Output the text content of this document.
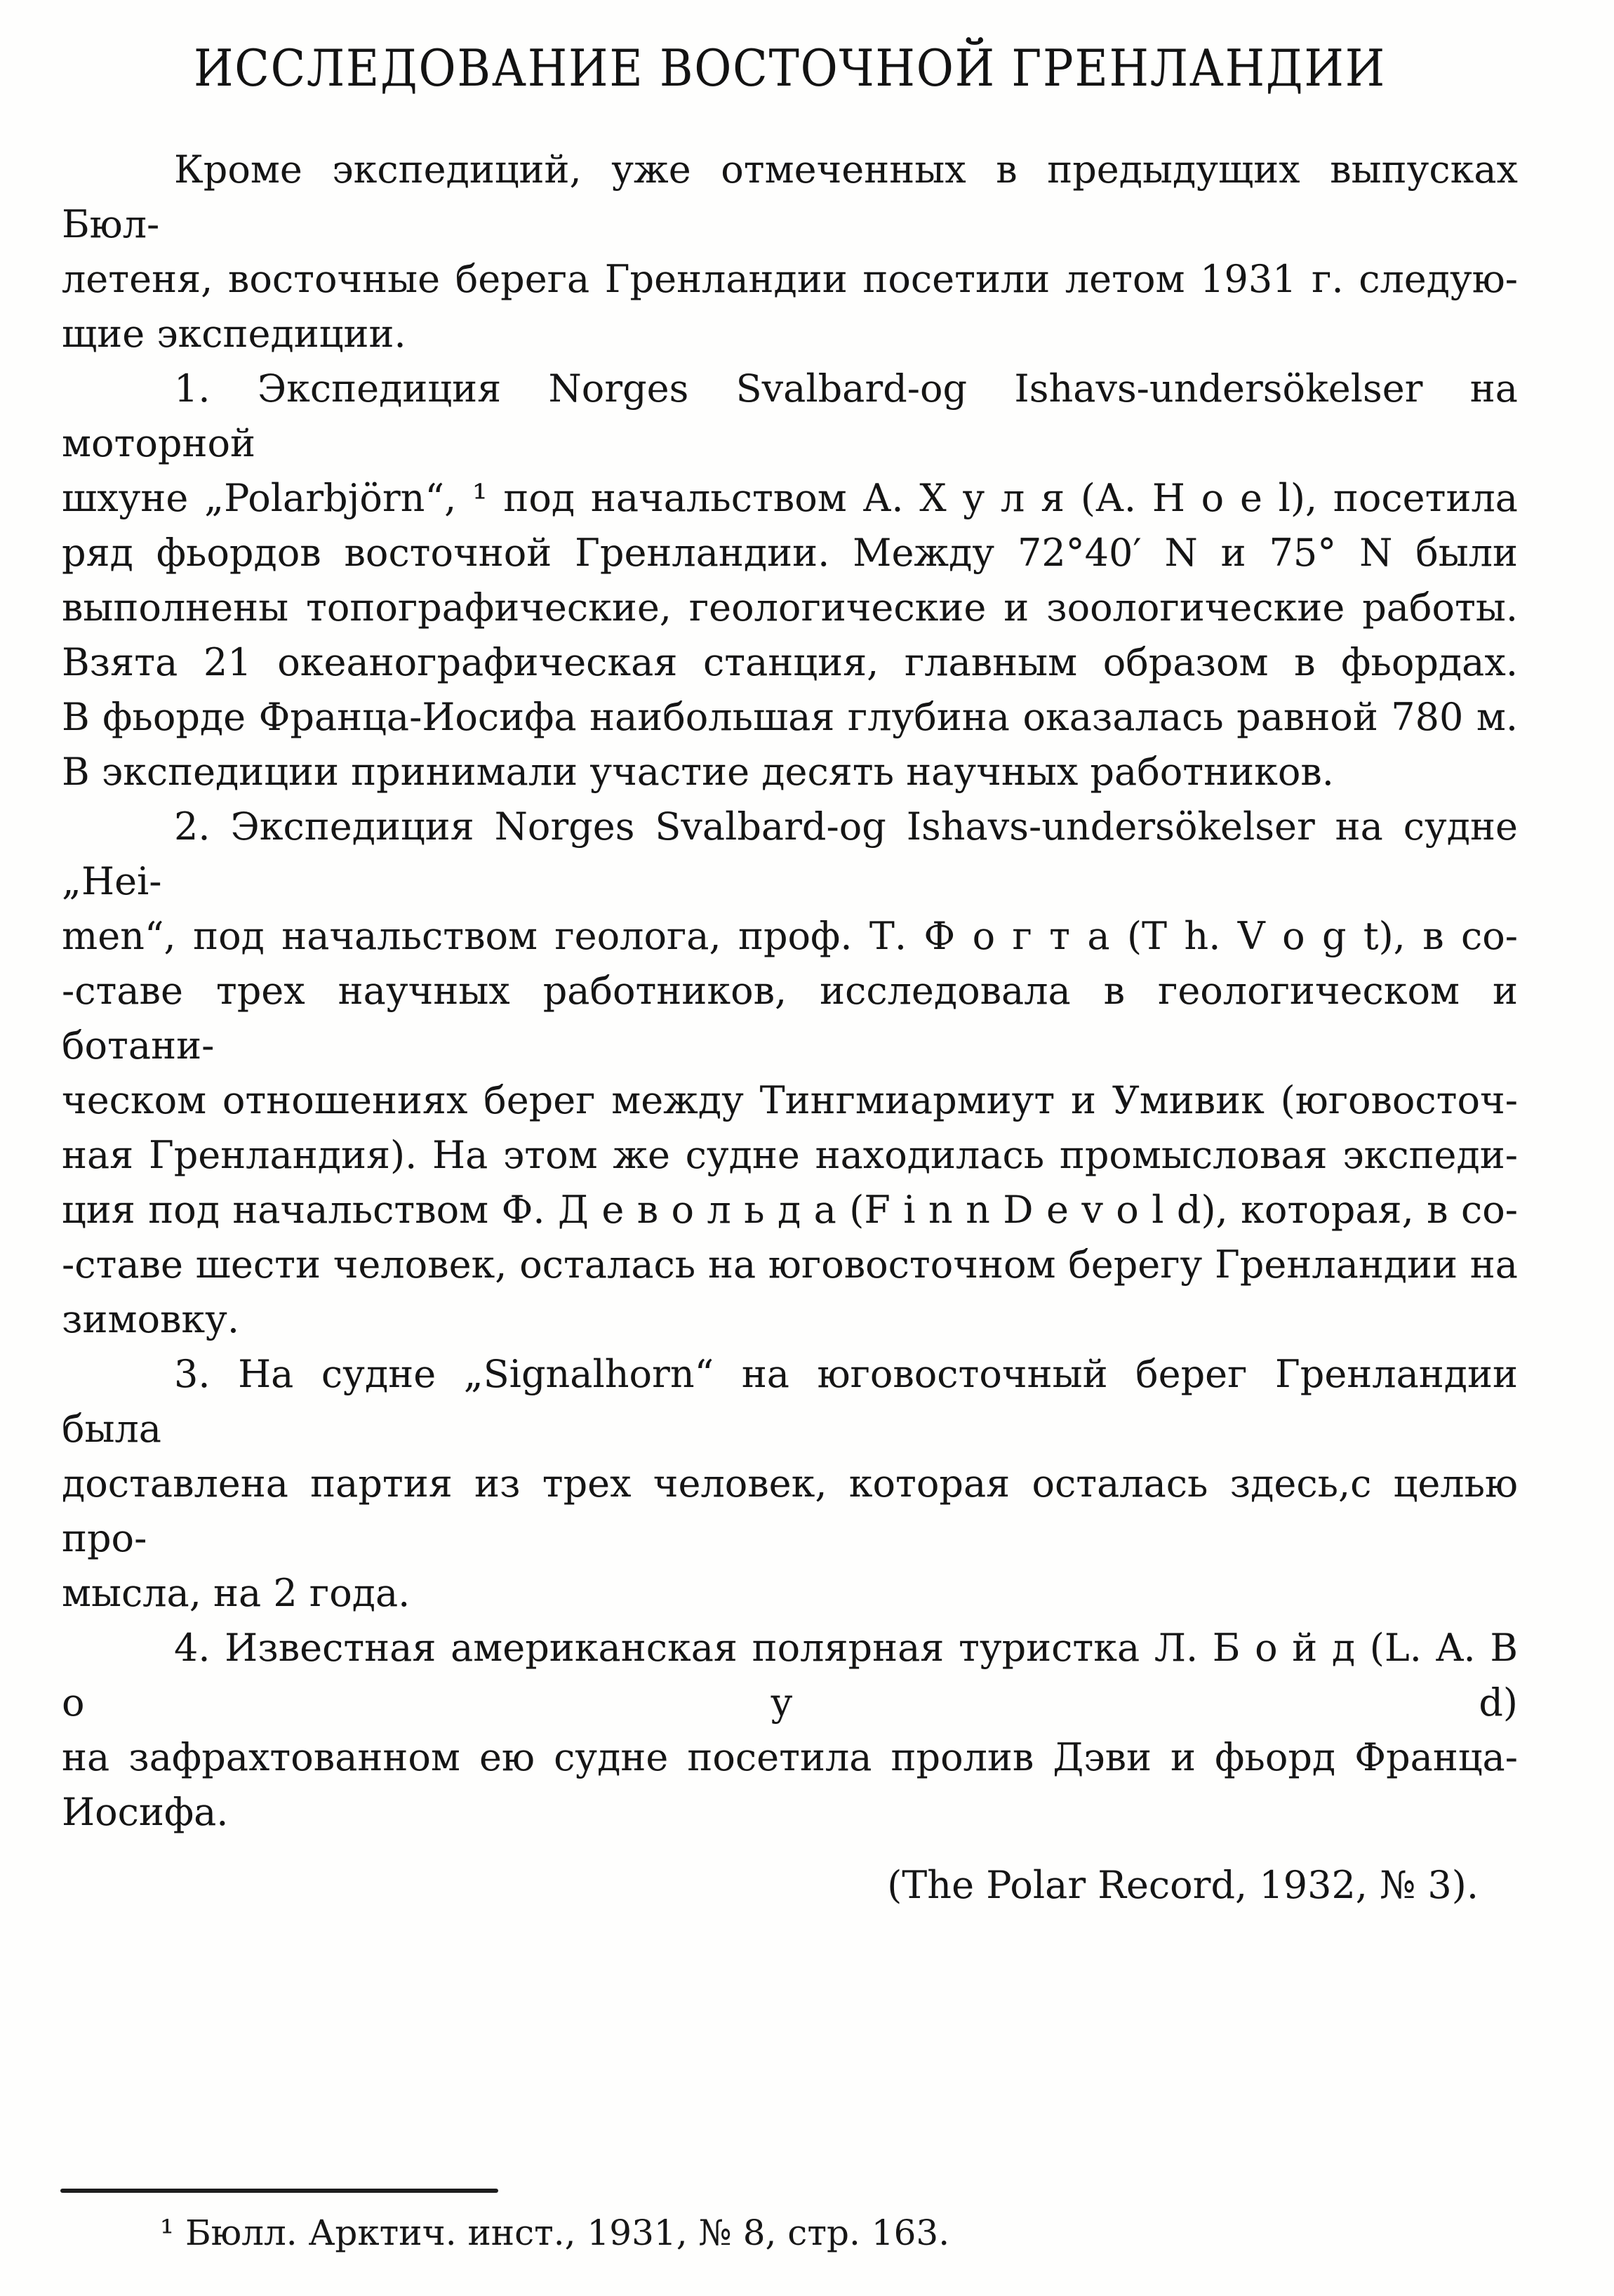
ИССЛЕДОВАНИЕ ВОСТОЧНОЙ ГРЕНЛАНДИИ
Кроме экспедиций, уже отмеченных в предыдущих выпусках Бюл-
летеня, восточные берега Гренландии посетили летом 1931 г. следую-
щие экспедиции.
1. Экспедиция Norges Svalbard-og Ishavs-undersökelser на моторной
шхуне „Polarbjörn“, ¹ под начальством А. Х у л я (А. H o e l), посетила
ряд фьордов восточной Гренландии. Между 72°40′ N и 75° N были
выполнены топографические, геологические и зоологические работы.
Взята 21 океанографическая станция, главным образом в фьордах.
В фьорде Франца-Иосифа наибольшая глубина оказалась равной 780 м.
В экспедиции принимали участие десять научных работников.
2. Экспедиция Norges Svalbard-og Ishavs-undersökelser на судне „Hei-
men“, под начальством геолога, проф. Т. Ф о г т а (T h. V o g t), в со-
-ставе трех научных работников, исследовала в геологическом и ботани-
ческом отношениях берег между Тингмиармиут и Умивик (юговосточ-
ная Гренландия). На этом же судне находилась промысловая экспеди-
ция под начальством Ф. Д е в о л ь д а (F i n n D e v o l d), которая, в со-
-ставе шести человек, осталась на юговосточном берегу Гренландии на
зимовку.
3. На судне „Signalhorn“ на юговосточный берег Гренландии была
доставлена партия из трех человек, которая осталась здесь,с целью про-
мысла, на 2 года.
4. Известная американская полярная туристка Л. Б о й д (L. A. B o y d)
на зафрахтованном ею судне посетила пролив Дэви и фьорд Франца-
Иосифа.
(The Polar Record, 1932, № 3).
¹ Бюлл. Арктич. инст., 1931, № 8, стр. 163.
